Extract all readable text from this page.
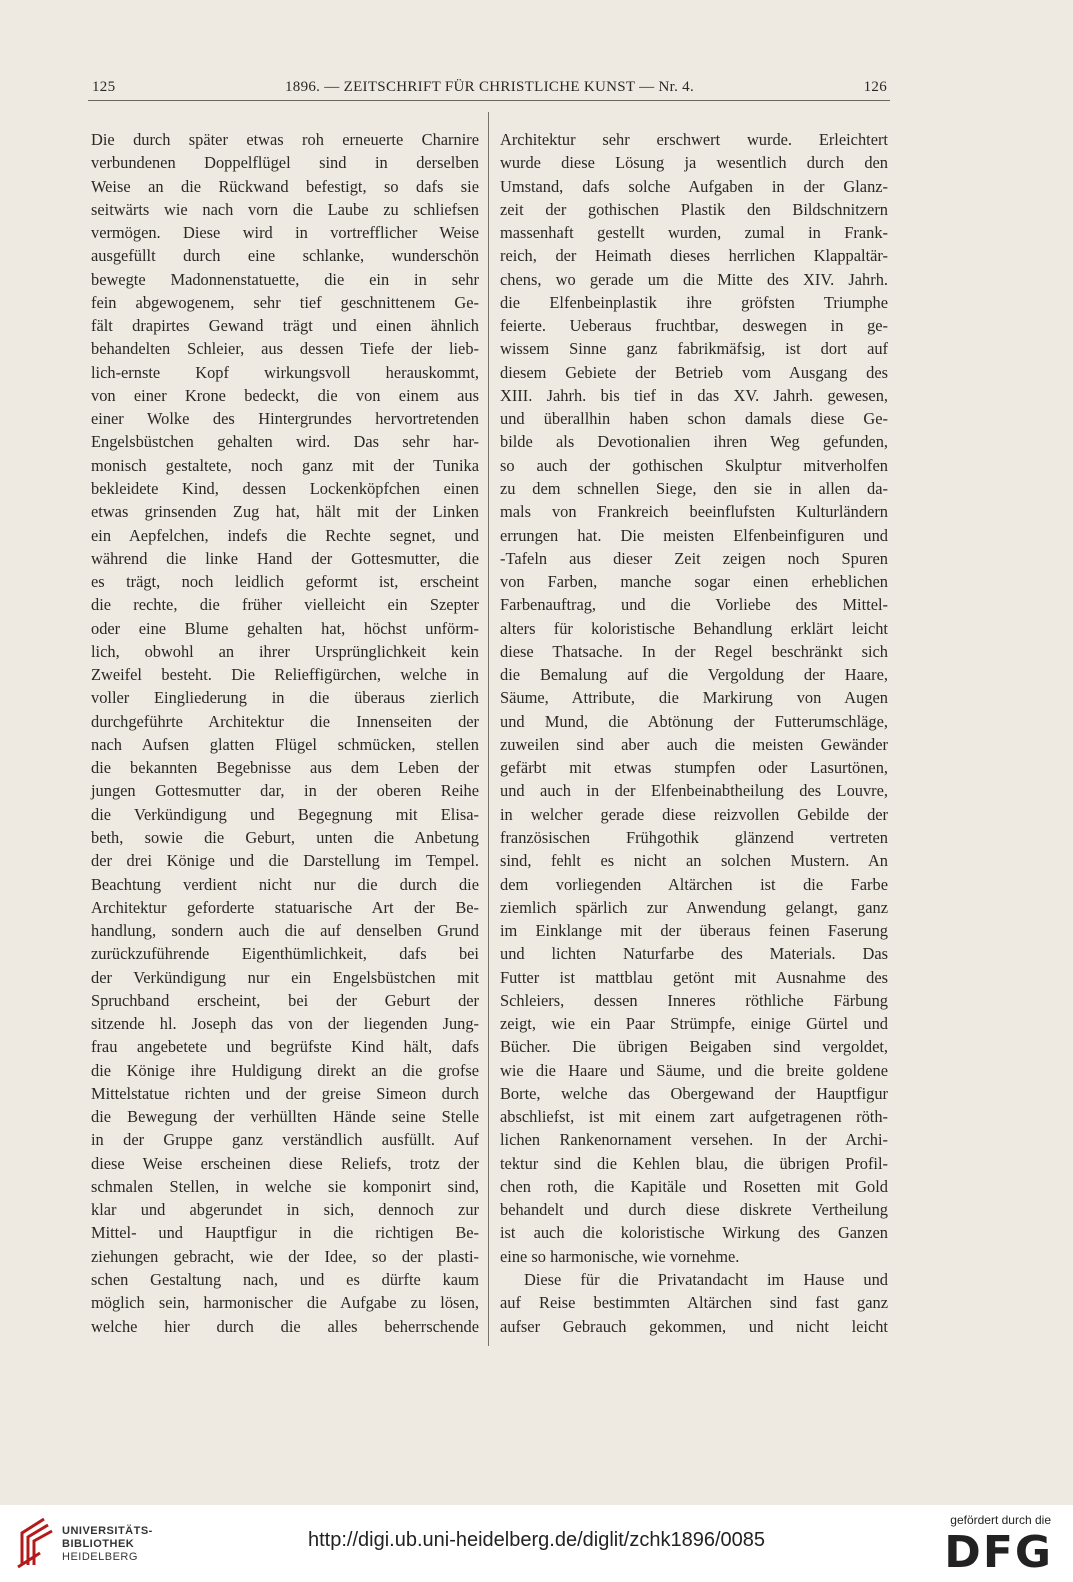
125	1896. — ZEITSCHRIFT FÜR CHRISTLICHE KUNST — Nr. 4.	126
Die durch später etwas roh erneuerte Charnire
verbundenen Doppelflügel sind in derselben
Weise an die Rückwand befestigt, so dafs sie
seitwärts wie nach vorn die Laube zu schliefsen
vermögen. Diese wird in vortrefflicher Weise
ausgefüllt durch eine schlanke, wunderschön
bewegte Madonnenstatuette, die ein in sehr
fein abgewogenem, sehr tief geschnittenem Ge-
fält drapirtes Gewand trägt und einen ähnlich
behandelten Schleier, aus dessen Tiefe der lieb-
lich-ernste Kopf wirkungsvoll herauskommt,
von einer Krone bedeckt, die von einem aus
einer Wolke des Hintergrundes hervortretenden
Engelsbüstchen gehalten wird. Das sehr har-
monisch gestaltete, noch ganz mit der Tunika
bekleidete Kind, dessen Lockenköpfchen einen
etwas grinsenden Zug hat, hält mit der Linken
ein Aepfelchen, indefs die Rechte segnet, und
während die linke Hand der Gottesmutter, die
es trägt, noch leidlich geformt ist, erscheint
die rechte, die früher vielleicht ein Szepter
oder eine Blume gehalten hat, höchst unförm-
lich, obwohl an ihrer Ursprünglichkeit kein
Zweifel besteht. Die Relieffigürchen, welche in
voller Eingliederung in die überaus zierlich
durchgeführte Architektur die Innenseiten der
nach Aufsen glatten Flügel schmücken, stellen
die bekannten Begebnisse aus dem Leben der
jungen Gottesmutter dar, in der oberen Reihe
die Verkündigung und Begegnung mit Elisa-
beth, sowie die Geburt, unten die Anbetung
der drei Könige und die Darstellung im Tempel.
Beachtung verdient nicht nur die durch die
Architektur geforderte statuarische Art der Be-
handlung, sondern auch die auf denselben Grund
zurückzuführende Eigenthümlichkeit, dafs bei
der Verkündigung nur ein Engelsbüstchen mit
Spruchband erscheint, bei der Geburt der
sitzende hl. Joseph das von der liegenden Jung-
frau angebetete und begrüfste Kind hält, dafs
die Könige ihre Huldigung direkt an die grofse
Mittelstatue richten und der greise Simeon durch
die Bewegung der verhüllten Hände seine Stelle
in der Gruppe ganz verständlich ausfüllt. Auf
diese Weise erscheinen diese Reliefs, trotz der
schmalen Stellen, in welche sie komponirt sind,
klar und abgerundet in sich, dennoch zur
Mittel- und Hauptfigur in die richtigen Be-
ziehungen gebracht, wie der Idee, so der plasti-
schen Gestaltung nach, und es dürfte kaum
möglich sein, harmonischer die Aufgabe zu lösen,
welche hier durch die alles beherrschende
Architektur sehr erschwert wurde. Erleichtert
wurde diese Lösung ja wesentlich durch den
Umstand, dafs solche Aufgaben in der Glanz-
zeit der gothischen Plastik den Bildschnitzern
massenhaft gestellt wurden, zumal in Frank-
reich, der Heimath dieses herrlichen Klappaltär-
chens, wo gerade um die Mitte des XIV. Jahrh.
die Elfenbeinplastik ihre gröfsten Triumphe
feierte. Ueberaus fruchtbar, deswegen in ge-
wissem Sinne ganz fabrikmäfsig, ist dort auf
diesem Gebiete der Betrieb vom Ausgang des
XIII. Jahrh. bis tief in das XV. Jahrh. gewesen,
und überallhin haben schon damals diese Ge-
bilde als Devotionalien ihren Weg gefunden,
so auch der gothischen Skulptur mitverholfen
zu dem schnellen Siege, den sie in allen da-
mals von Frankreich beeinflufsten Kulturländern
errungen hat. Die meisten Elfenbeinfiguren und
-Tafeln aus dieser Zeit zeigen noch Spuren
von Farben, manche sogar einen erheblichen
Farbenauftrag, und die Vorliebe des Mittel-
alters für koloristische Behandlung erklärt leicht
diese Thatsache. In der Regel beschränkt sich
die Bemalung auf die Vergoldung der Haare,
Säume, Attribute, die Markirung von Augen
und Mund, die Abtönung der Futterumschläge,
zuweilen sind aber auch die meisten Gewänder
gefärbt mit etwas stumpfen oder Lasurtönen,
und auch in der Elfenbeinabtheilung des Louvre,
in welcher gerade diese reizvollen Gebilde der
französischen Frühgothik glänzend vertreten
sind, fehlt es nicht an solchen Mustern. An
dem vorliegenden Altärchen ist die Farbe
ziemlich spärlich zur Anwendung gelangt, ganz
im Einklange mit der überaus feinen Faserung
und lichten Naturfarbe des Materials. Das
Futter ist mattblau getönt mit Ausnahme des
Schleiers, dessen Inneres röthliche Färbung
zeigt, wie ein Paar Strümpfe, einige Gürtel und
Bücher. Die übrigen Beigaben sind vergoldet,
wie die Haare und Säume, und die breite goldene
Borte, welche das Obergewand der Hauptfigur
abschliefst, ist mit einem zart aufgetragenen röth-
lichen Rankenornament versehen. In der Archi-
tektur sind die Kehlen blau, die übrigen Profil-
chen roth, die Kapitäle und Rosetten mit Gold
behandelt und durch diese diskrete Vertheilung
ist auch die koloristische Wirkung des Ganzen
eine so harmonische, wie vornehme.
Diese für die Privatandacht im Hause und
auf Reise bestimmten Altärchen sind fast ganz
aufser Gebrauch gekommen, und nicht leicht
UNIVERSITÄTS-
BIBLIOTHEK
HEIDELBERG
http://digi.ub.uni-heidelberg.de/diglit/zchk1896/0085
gefördert durch die
DFG
